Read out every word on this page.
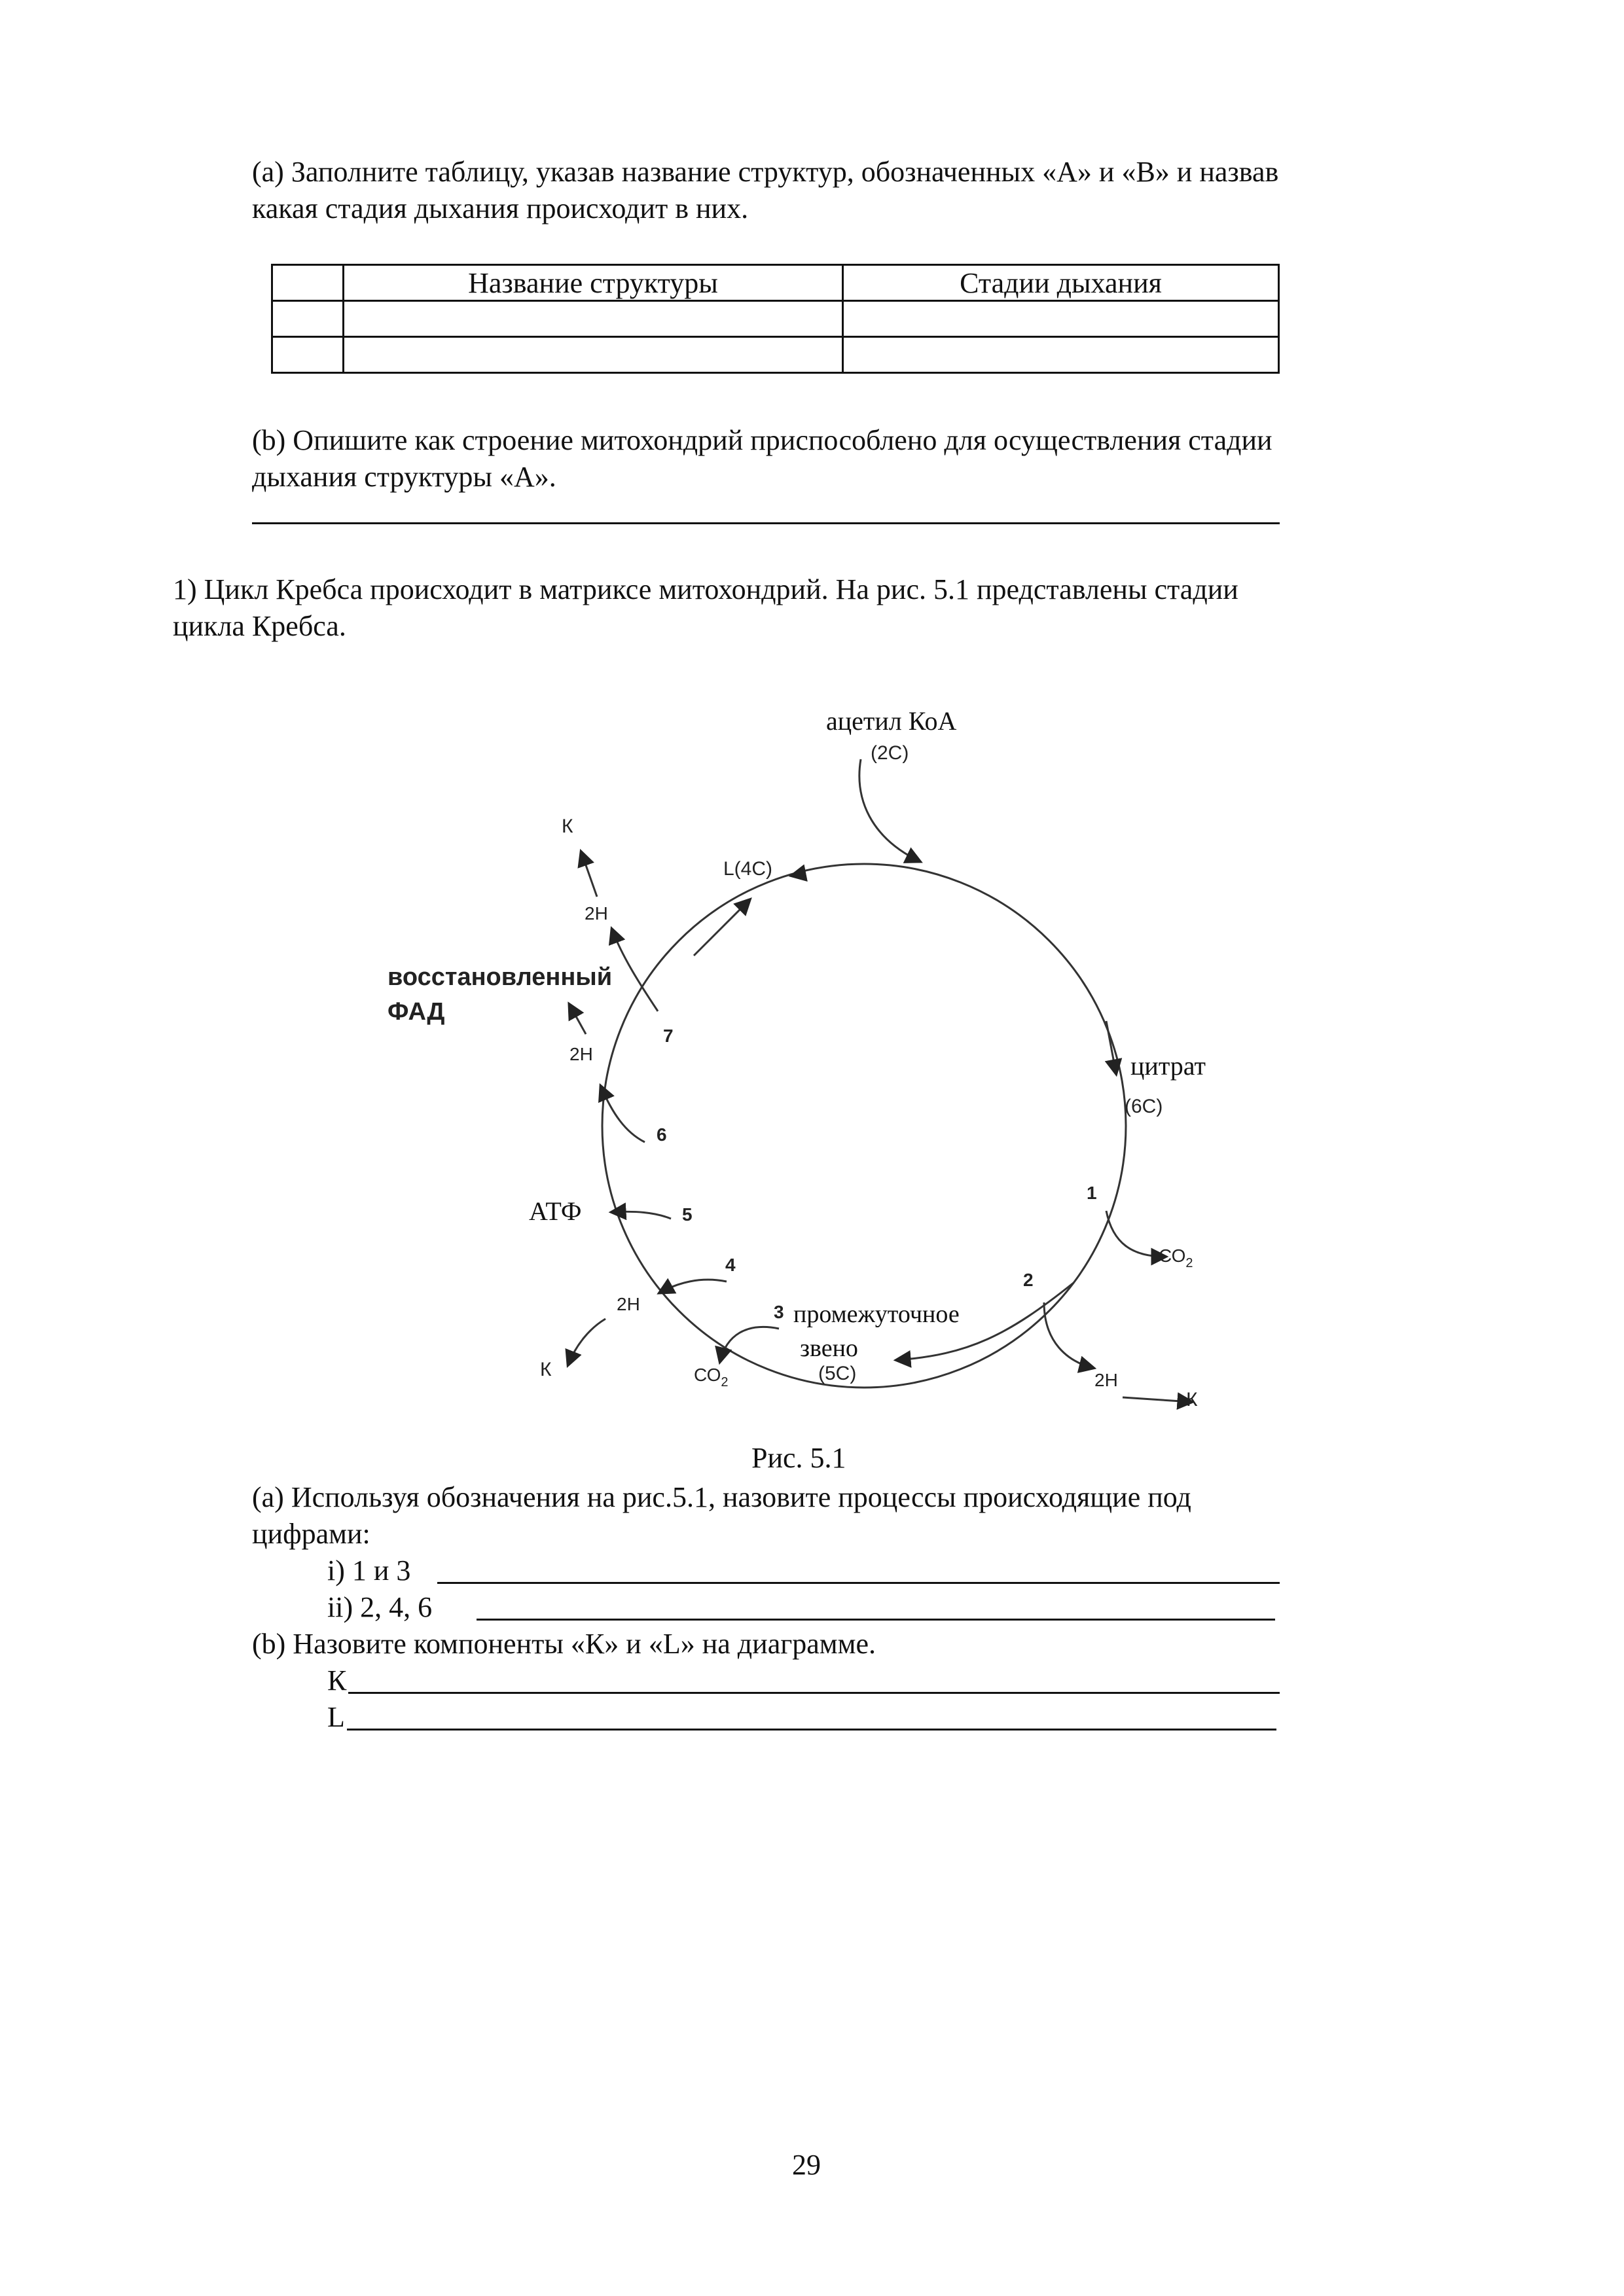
(a) Заполните таблицу, указав название структур, обозначенных «А» и «В» и назвав
какая стадия дыхания происходит в них.
	Название структуры	Стадии дыхания

(b) Опишите как строение митохондрий приспособлено для осуществления стадии
дыхания структуры «А».
1) Цикл Кребса происходит в матриксе митохондрий. На рис. 5.1 представлены стадии
цикла Кребса.
ацетил КоА
(2С)
L(4С)
цитрат
(6С)
$СО_2$
2Н
К
промежуточное
звено
(5С)
$СО_2$
2Н
К
АТФ
2Н
восстановленный
ФАД
2Н
К
1
2
3
4
5
6
7
Рис. 5.1
(а) Используя обозначения на рис.5.1, назовите процессы происходящие под
цифрами:
i) 1 и 3
ii) 2, 4, 6
(b) Назовите компоненты «К» и «L» на диаграмме.
К
L
29
